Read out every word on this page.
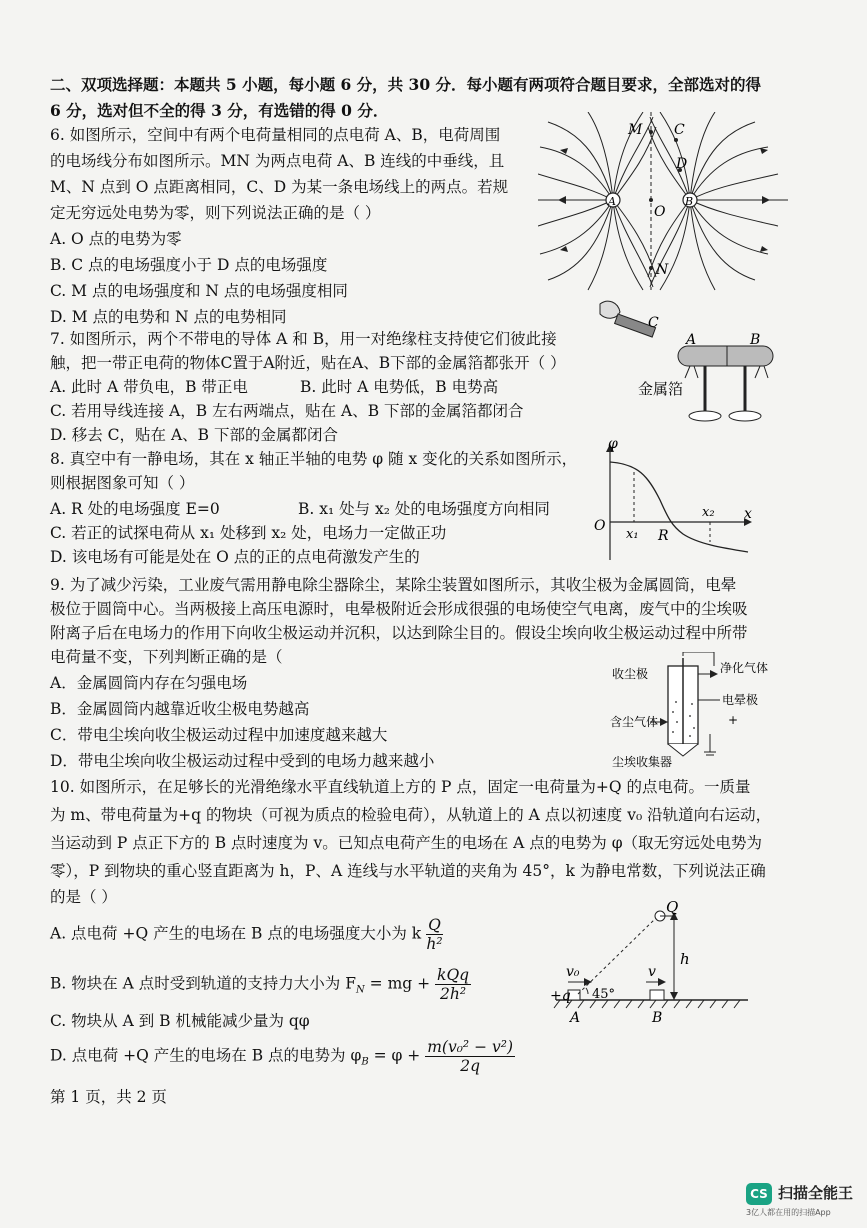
二、双项选择题：本题共 5 小题，每小题 6 分，共 30 分．每小题有两项符合题目要求，全部选对的得
6 分，选对但不全的得 3 分，有选错的得 0 分．
6. 如图所示，空间中有两个电荷量相同的点电荷 A、B，电荷周围
的电场线分布如图所示。MN 为两点电荷 A、B 连线的中垂线，且
M、N 点到 O 点距离相同，C、D 为某一条电场线上的两点。若规
定无穷远处电势为零，则下列说法正确的是（ ）
A. O 点的电势为零
B. C 点的电场强度小于 D 点的电场强度
C. M 点的电场强度和 N 点的电场强度相同
D. M 点的电势和 N 点的电势相同
M C
D
A	B
O
N
7. 如图所示，两个不带电的导体 A 和 B，用一对绝缘柱支持使它们彼此接
触，把一带正电荷的物体C置于A附近，贴在A、B下部的金属箔都张开（ ）
A. 此时 A 带负电，B 带正电	B. 此时 A 电势低，B 电势高
C. 若用导线连接 A，B 左右两端点，贴在 A、B 下部的金属箔都闭合
D. 移去 C，贴在 A、B 下部的金属都闭合
C
A	B
金属箔
8. 真空中有一静电场，其在 x 轴正半轴的电势 φ 随 x 变化的关系如图所示，
则根据图象可知（ ）
A. R 处的电场强度 E=0	B. x₁ 处与 x₂ 处的电场强度方向相同
C. 若正的试探电荷从 x₁ 处移到 x₂ 处，电场力一定做正功
D. 该电场有可能是处在 O 点的正的点电荷激发产生的
φ
O
x₁ R
x₂ x
9. 为了减少污染，工业废气需用静电除尘器除尘，某除尘装置如图所示，其收尘极为金属圆筒，电晕
极位于圆筒中心。当两极接上高压电源时，电晕极附近会形成很强的电场使空气电离，废气中的尘埃吸
附离子后在电场力的作用下向收尘极运动并沉积，以达到除尘目的。假设尘埃向收尘极运动过程中所带
电荷量不变，下列判断正确的是（
A．金属圆筒内存在匀强电场
B．金属圆筒内越靠近收尘极电势越高
C．带电尘埃向收尘极运动过程中加速度越来越大
D．带电尘埃向收尘极运动过程中受到的电场力越来越小
收尘极	净化气体
电晕极
含尘气体	+
尘埃收集器
10. 如图所示，在足够长的光滑绝缘水平直线轨道上方的 P 点，固定一电荷量为+Q 的点电荷。一质量
为 m、带电荷量为+q 的物块（可视为质点的检验电荷），从轨道上的 A 点以初速度 v₀ 沿轨道向右运动，
当运动到 P 点正下方的 B 点时速度为 v。已知点电荷产生的电场在 A 点的电势为 φ（取无穷远处电势为
零），P 到物块的重心竖直距离为 h，P、A 连线与水平轨道的夹角为 45°，k 为静电常数，下列说法正确
的是（ ）
A. 点电荷 +Q 产生的电场在 B 点的电场强度大小为 k $\frac{Q}{\text{h²}}$
B. 物块在 A 点时受到轨道的支持力大小为 $F_N$ = mg + $\frac{\text{kQq}}{\text{2h²}}$
C. 物块从 A 到 B 机械能减少量为 qφ
D. 点电荷 +Q 产生的电场在 B 点的电势为 $\varphi_B = \varphi + \frac{\text{m(v₀² − v²)}}{2q}$
Q
h
v₀	v
+q 45°
A	B
第 1 页，共 2 页
CS 扫描全能王
3亿人都在用的扫描App
